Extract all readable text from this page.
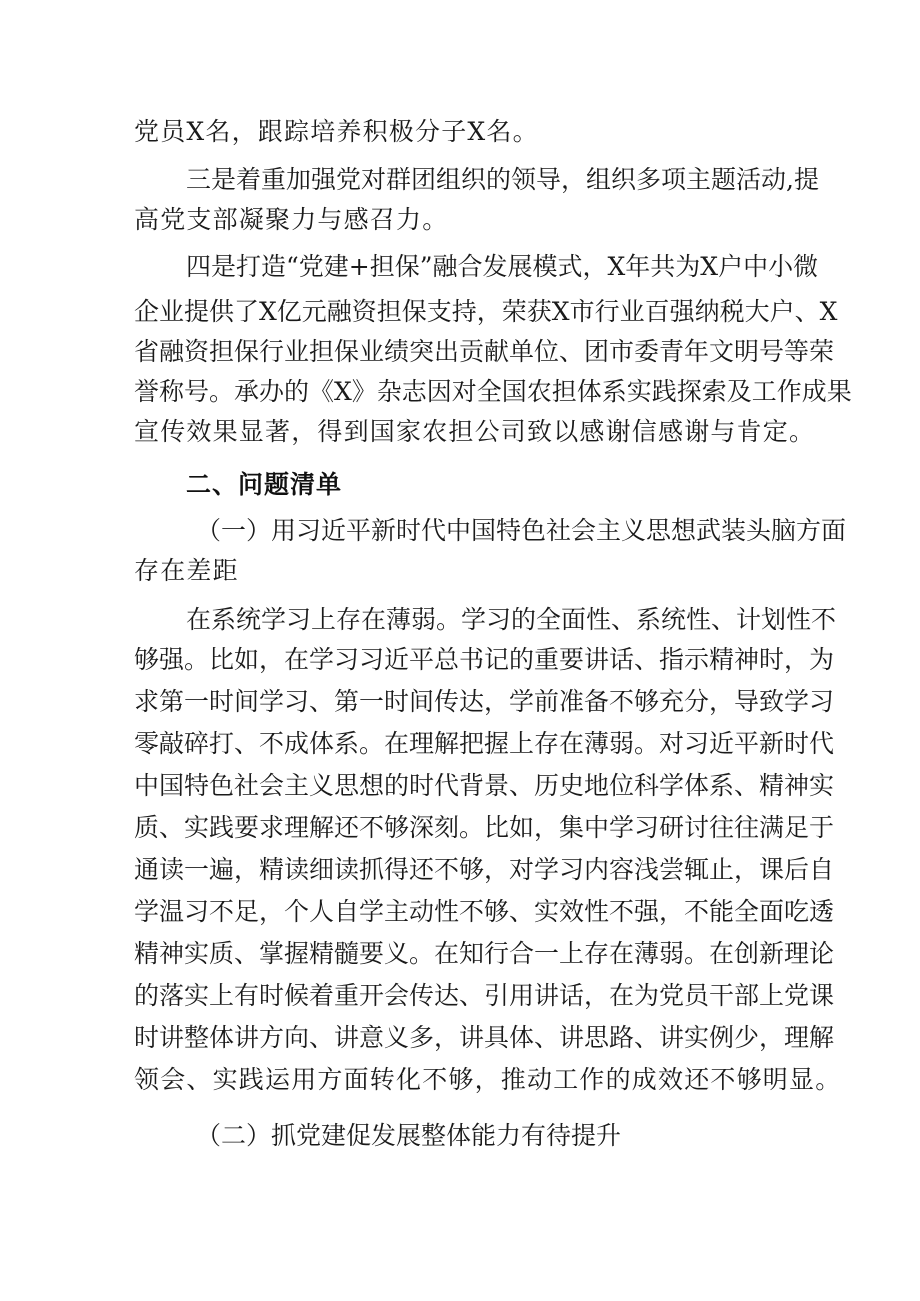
党员X名，跟踪培养积极分子X名。
三是着重加强党对群团组织的领导，组织多项主题活动,提
高党支部凝聚力与感召力。
四是打造“党建+担保”融合发展模式，X年共为X户中小微
企业提供了X亿元融资担保支持，荣获X市行业百强纳税大户、X
省融资担保行业担保业绩突出贡献单位、团市委青年文明号等荣
誉称号。承办的《X》杂志因对全国农担体系实践探索及工作成果
宣传效果显著，得到国家农担公司致以感谢信感谢与肯定。
二、问题清单
（一）用习近平新时代中国特色社会主义思想武装头脑方面
存在差距
在系统学习上存在薄弱。学习的全面性、系统性、计划性不
够强。比如，在学习习近平总书记的重要讲话、指示精神时，为
求第一时间学习、第一时间传达，学前准备不够充分，导致学习
零敲碎打、不成体系。在理解把握上存在薄弱。对习近平新时代
中国特色社会主义思想的时代背景、历史地位科学体系、精神实
质、实践要求理解还不够深刻。比如，集中学习研讨往往满足于
通读一遍，精读细读抓得还不够，对学习内容浅尝辄止，课后自
学温习不足，个人自学主动性不够、实效性不强，不能全面吃透
精神实质、掌握精髓要义。在知行合一上存在薄弱。在创新理论
的落实上有时候着重开会传达、引用讲话，在为党员干部上党课
时讲整体讲方向、讲意义多，讲具体、讲思路、讲实例少，理解
领会、实践运用方面转化不够，推动工作的成效还不够明显。
（二）抓党建促发展整体能力有待提升
